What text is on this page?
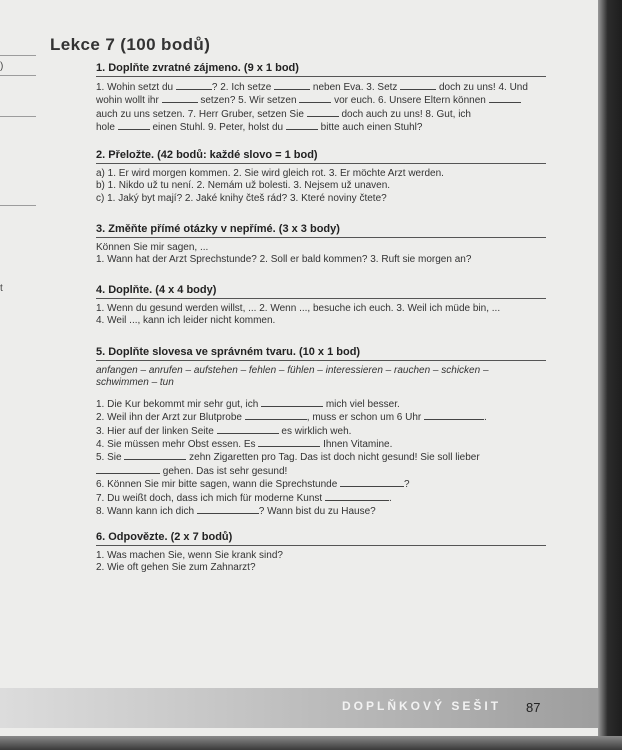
)
t
Lekce 7 (100 bodů)
1. Doplňte zvratné zájmeno. (9 x 1 bod)
1. Wohin setzt du	? 2. Ich setze	neben Eva. 3. Setz	doch zu uns! 4. Und
wohin wollt ihr	setzen? 5. Wir setzen	vor euch. 6. Unsere Eltern können
auch zu uns setzen. 7. Herr Gruber, setzen Sie	doch auch zu uns! 8. Gut, ich
hole	einen Stuhl. 9. Peter, holst du	bitte auch einen Stuhl?
2. Přeložte. (42 bodů: každé slovo = 1 bod)
a) 1. Er wird morgen kommen. 2. Sie wird gleich rot. 3. Er möchte Arzt werden.
b) 1. Nikdo už tu není. 2. Nemám už bolesti. 3. Nejsem už unaven.
c) 1. Jaký byt mají? 2. Jaké knihy čteš rád? 3. Které noviny čtete?
3. Změňte přímé otázky v nepřímé. (3 x 3 body)
Können Sie mir sagen, ...
1. Wann hat der Arzt Sprechstunde? 2. Soll er bald kommen? 3. Ruft sie morgen an?
4. Doplňte. (4 x 4 body)
1. Wenn du gesund werden willst, ... 2. Wenn ..., besuche ich euch. 3. Weil ich müde bin, ...
4. Weil ..., kann ich leider nicht kommen.
5. Doplňte slovesa ve správném tvaru. (10 x 1 bod)
anfangen – anrufen – aufstehen – fehlen – fühlen – interessieren – rauchen – schicken –
schwimmen – tun
1. Die Kur bekommt mir sehr gut, ich	mich viel besser.
2. Weil ihn der Arzt zur Blutprobe	, muss er schon um 6 Uhr	.
3. Hier auf der linken Seite	es wirklich weh.
4. Sie müssen mehr Obst essen. Es	Ihnen Vitamine.
5. Sie	zehn Zigaretten pro Tag. Das ist doch nicht gesund! Sie soll lieber
gehen. Das ist sehr gesund!
6. Können Sie mir bitte sagen, wann die Sprechstunde	?
7. Du weißt doch, dass ich mich für moderne Kunst	.
8. Wann kann ich dich	? Wann bist du zu Hause?
6. Odpovězte. (2 x 7 bodů)
1. Was machen Sie, wenn Sie krank sind?
2. Wie oft gehen Sie zum Zahnarzt?
DOPLŇKOVÝ SEŠIT 87
